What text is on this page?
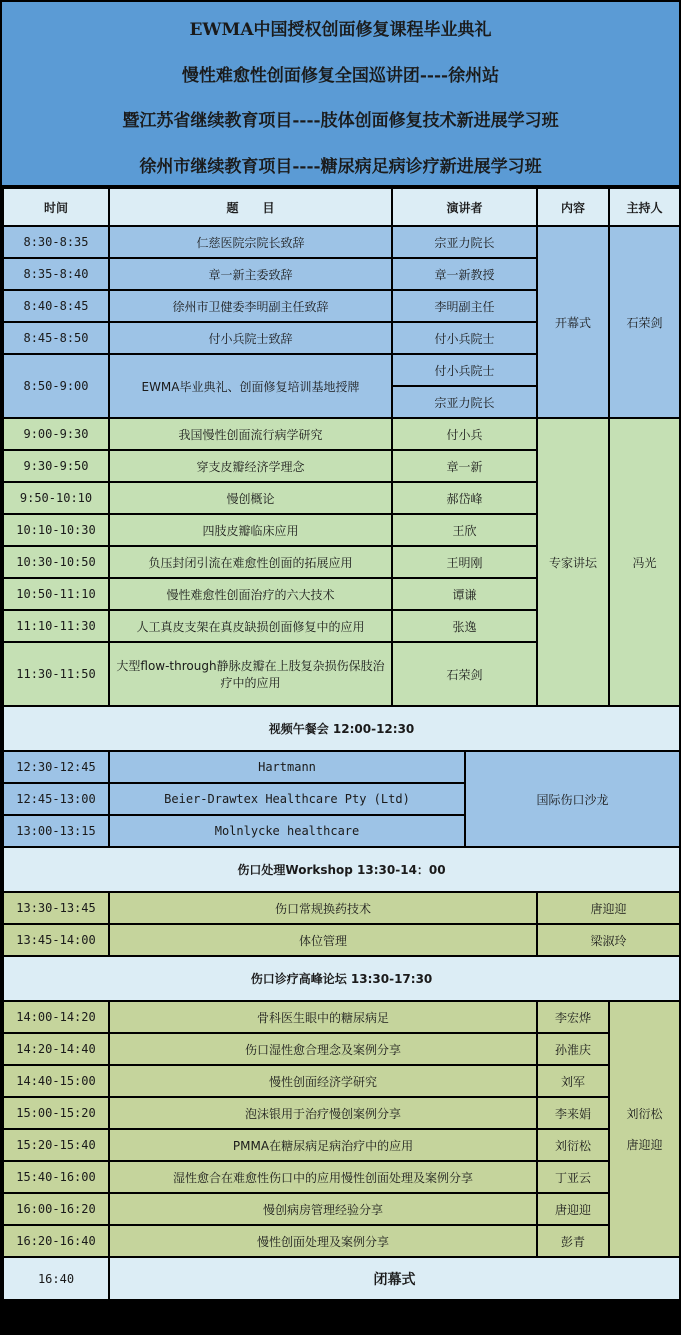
EWMA中国授权创面修复课程毕业典礼
慢性难愈性创面修复全国巡讲团----徐州站
暨江苏省继续教育项目----肢体创面修复技术新进展学习班
徐州市继续教育项目----糖尿病足病诊疗新进展学习班
时间	题　　目	演讲者		内容	主持人
8:30-8:35	仁慈医院宗院长致辞	宗亚力院长		开幕式	石荣剑
8:35-8:40	章一新主委致辞	章一新教授			
8:40-8:45	徐州市卫健委李明副主任致辞	李明副主任			
8:45-8:50	付小兵院士致辞	付小兵院士			
8:50-9:00	EWMA毕业典礼、创面修复培训基地授牌	付小兵院士			
		宗亚力院长			
9:00-9:30	我国慢性创面流行病学研究	付小兵		专家讲坛	冯光
9:30-9:50	穿支皮瓣经济学理念	章一新			
9:50-10:10	慢创概论	郝岱峰			
10:10-10:30	四肢皮瓣临床应用	王欣			
10:30-10:50	负压封闭引流在难愈性创面的拓展应用	王明刚			
10:50-11:10	慢性难愈性创面治疗的六大技术	谭谦			
11:10-11:30	人工真皮支架在真皮缺损创面修复中的应用	张逸			
11:30-11:50	大型flow-through静脉皮瓣在上肢复杂损伤保肢治疗中的应用	石荣剑			
视频午餐会 12:00-12:30					
12:30-12:45	Hartmann		国际伤口沙龙		
12:45-13:00	Beier-Drawtex Healthcare Pty (Ltd)				
13:00-13:15	Molnlycke healthcare				
伤口处理Workshop 13:30-14：00					
13:30-13:45	伤口常规换药技术			唐迎迎	
13:45-14:00	体位管理			梁淑玲	
伤口诊疗高峰论坛 13:30-17:30					
14:00-14:20	骨科医生眼中的糖尿病足			李宏烨	刘衍松
唐迎迎

14:20-14:40	伤口湿性愈合理念及案例分享			孙淮庆	
14:40-15:00	慢性创面经济学研究			刘军	
15:00-15:20	泡沫银用于治疗慢创案例分享			李来娟	
15:20-15:40	PMMA在糖尿病足病治疗中的应用			刘衍松	
15:40-16:00	湿性愈合在难愈性伤口中的应用慢性创面处理及案例分享			丁亚云	
16:00-16:20	慢创病房管理经验分享			唐迎迎	
16:20-16:40	慢性创面处理及案例分享			彭青	
16:40	闭幕式				
